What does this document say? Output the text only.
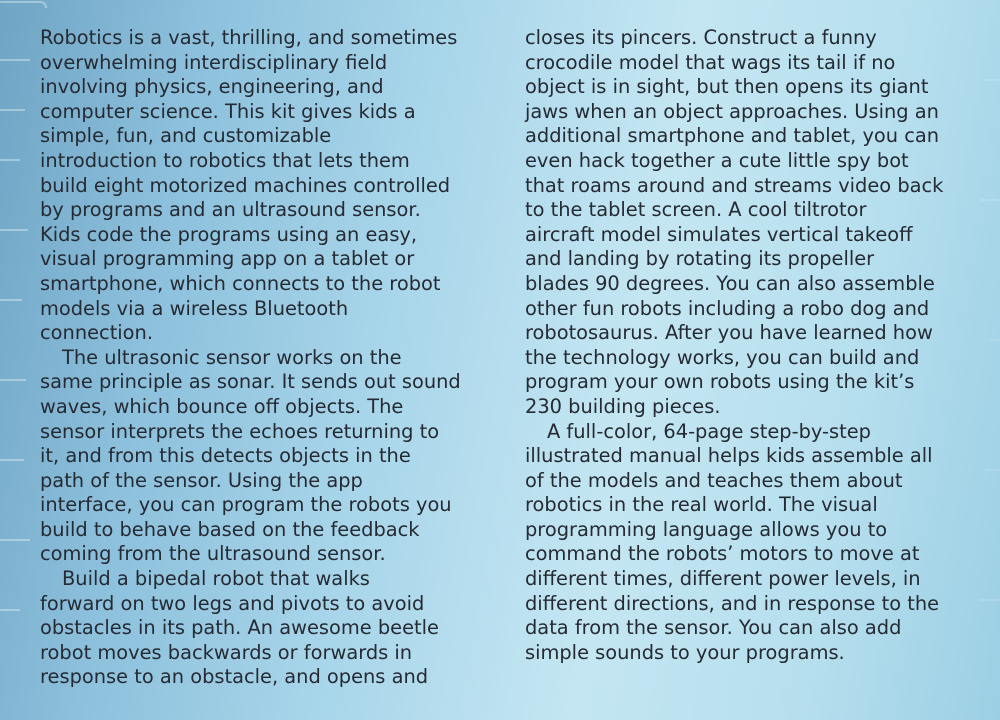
Robotics is a vast, thrilling, and sometimes
overwhelming interdisciplinary field
involving physics, engineering, and
computer science. This kit gives kids a
simple, fun, and customizable
introduction to robotics that lets them
build eight motorized machines controlled
by programs and an ultrasound sensor.
Kids code the programs using an easy,
visual programming app on a tablet or
smartphone, which connects to the robot
models via a wireless Bluetooth
connection.
The ultrasonic sensor works on the
same principle as sonar. It sends out sound
waves, which bounce off objects. The
sensor interprets the echoes returning to
it, and from this detects objects in the
path of the sensor. Using the app
interface, you can program the robots you
build to behave based on the feedback
coming from the ultrasound sensor.
Build a bipedal robot that walks
forward on two legs and pivots to avoid
obstacles in its path. An awesome beetle
robot moves backwards or forwards in
response to an obstacle, and opens and
closes its pincers. Construct a funny
crocodile model that wags its tail if no
object is in sight, but then opens its giant
jaws when an object approaches. Using an
additional smartphone and tablet, you can
even hack together a cute little spy bot
that roams around and streams video back
to the tablet screen. A cool tiltrotor
aircraft model simulates vertical takeoff
and landing by rotating its propeller
blades 90 degrees. You can also assemble
other fun robots including a robo dog and
robotosaurus. After you have learned how
the technology works, you can build and
program your own robots using the kit’s
230 building pieces.
A full-color, 64-page step-by-step
illustrated manual helps kids assemble all
of the models and teaches them about
robotics in the real world. The visual
programming language allows you to
command the robots’ motors to move at
different times, different power levels, in
different directions, and in response to the
data from the sensor. You can also add
simple sounds to your programs.
